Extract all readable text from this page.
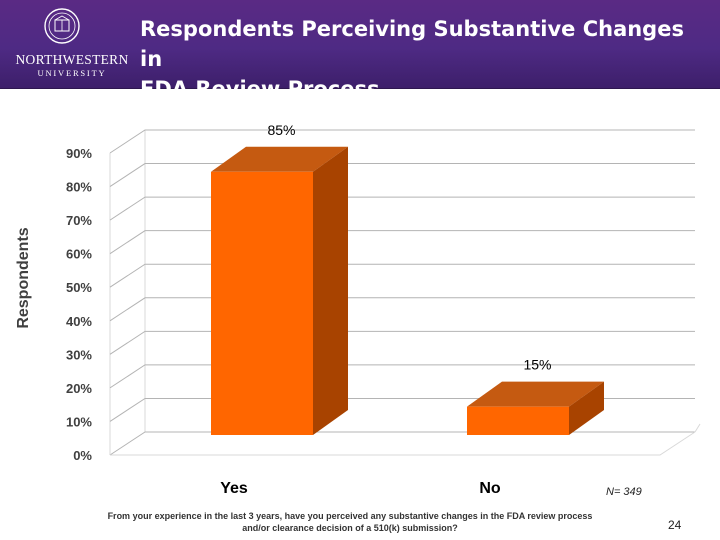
NORTHWESTERN
UNIVERSITY
Respondents Perceiving Substantive Changes in
FDA Review Process
0%
10%
20%
30%
40%
50%
60%
70%
80%
90%
85%
Yes
15%
No
Respondents
N= 349
From your experience in the last 3 years, have you perceived any substantive changes in the FDA review process
and/or clearance decision of a 510(k) submission?	24
